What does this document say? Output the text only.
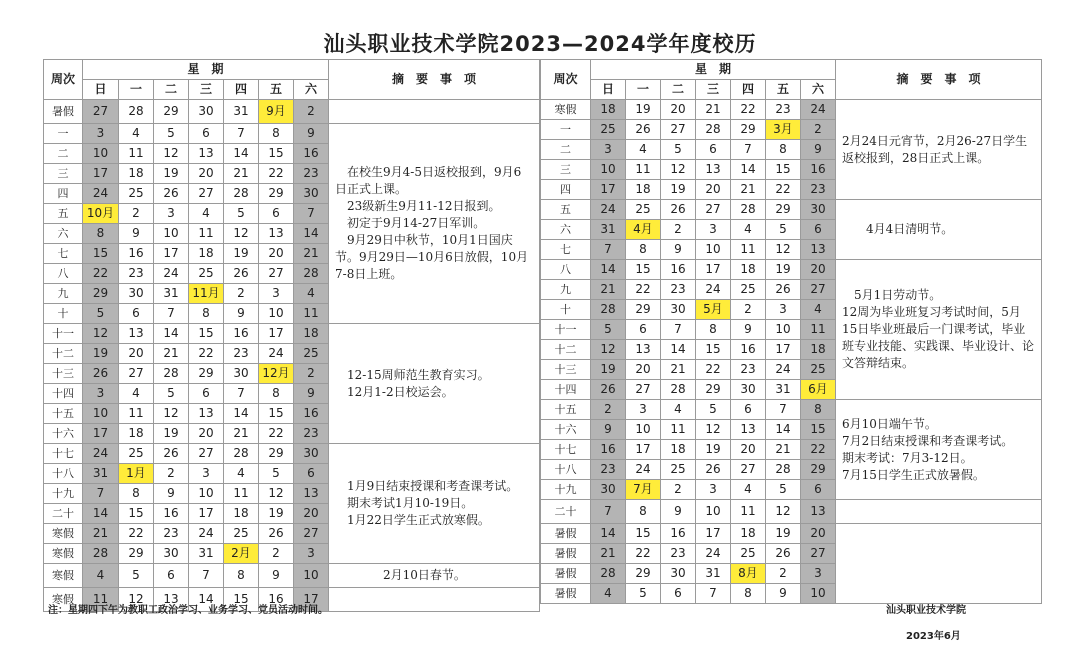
汕头职业技术学院2023—2024学年度校历
周次	星　期							摘　要　事　项
	日	一	二	三	四	五	六	
暑假	27	28	29	30	31	9月	2	
一	3	4	5	6	7	8	9	　在校生9月4-5日返校报到，9月6日正式上课。
　23级新生9月11-12日报到。
　初定于9月14-27日军训。
　9月29日中秋节，10月1日国庆节。9月29日—10月6日放假，10月7-8日上班。

二	10	11	12	13	14	15	16	
三	17	18	19	20	21	22	23	
四	24	25	26	27	28	29	30	
五	10月	2	3	4	5	6	7	
六	8	9	10	11	12	13	14	
七	15	16	17	18	19	20	21	
八	22	23	24	25	26	27	28	
九	29	30	31	11月	2	3	4	
十	5	6	7	8	9	10	11	
十一	12	13	14	15	16	17	18	　12-15周师范生教育实习。
　12月1-2日校运会。

十二	19	20	21	22	23	24	25	
十三	26	27	28	29	30	12月	2	
十四	3	4	5	6	7	8	9	
十五	10	11	12	13	14	15	16	
十六	17	18	19	20	21	22	23	
十七	24	25	26	27	28	29	30	　1月9日结束授课和考查课考试。
　期末考试1月10-19日。
　1月22日学生正式放寒假。

十八	31	1月	2	3	4	5	6	
十九	7	8	9	10	11	12	13	
二十	14	15	16	17	18	19	20	
寒假	21	22	23	24	25	26	27	
寒假	28	29	30	31	2月	2	3	
寒假	4	5	6	7	8	9	10	　　　　2月10日春节。

寒假	11	12	13	14	15	16	17	
周次	星　期							摘　要　事　项
	日	一	二	三	四	五	六	
寒假	18	19	20	21	22	23	24	2月24日元宵节，2月26-27日学生返校报到，28日正式上课。

一	25	26	27	28	29	3月	2	
二	3	4	5	6	7	8	9	
三	10	11	12	13	14	15	16	
四	17	18	19	20	21	22	23	
五	24	25	26	27	28	29	30	　　4月4日清明节。

六	31	4月	2	3	4	5	6	
七	7	8	9	10	11	12	13	
八	14	15	16	17	18	19	20	　5月1日劳动节。
12周为毕业班复习考试时间，5月15日毕业班最后一门课考试，毕业班专业技能、实践课、毕业设计、论文答辩结束。

九	21	22	23	24	25	26	27	
十	28	29	30	5月	2	3	4	
十一	5	6	7	8	9	10	11	
十二	12	13	14	15	16	17	18	
十三	19	20	21	22	23	24	25	
十四	26	27	28	29	30	31	6月	
十五	2	3	4	5	6	7	8	6月10日端午节。
7月2日结束授课和考查课考试。
期末考试：7月3-12日。
7月15日学生正式放暑假。

十六	9	10	11	12	13	14	15	
十七	16	17	18	19	20	21	22	
十八	23	24	25	26	27	28	29	
十九	30	7月	2	3	4	5	6	
二十	7	8	9	10	11	12	13	
暑假	14	15	16	17	18	19	20	
暑假	21	22	23	24	25	26	27	
暑假	28	29	30	31	8月	2	3	
暑假	4	5	6	7	8	9	10	
注：星期四下午为教职工政治学习、业务学习、党员活动时间。	汕头职业技术学院
2023年6月
